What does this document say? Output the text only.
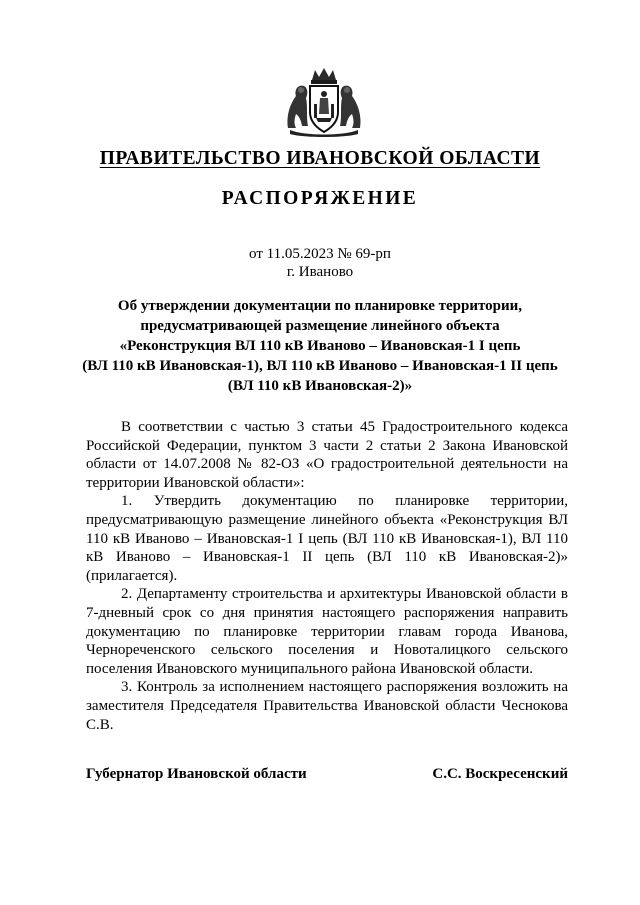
ПРАВИТЕЛЬСТВО ИВАНОВСКОЙ ОБЛАСТИ
РАСПОРЯЖЕНИЕ
от 11.05.2023 № 69-рп
г. Иваново
Об утверждении документации по планировке территории,
предусматривающей размещение линейного объекта
«Реконструкция ВЛ 110 кВ Иваново – Ивановская-1 I цепь
(ВЛ 110 кВ Ивановская-1), ВЛ 110 кВ Иваново – Ивановская-1 II цепь
(ВЛ 110 кВ Ивановская-2)»

В соответствии с частью 3 статьи 45 Градостроительного кодекса Российской Федерации, пунктом 3 части 2 статьи 2 Закона Ивановской области от 14.07.2008 № 82-ОЗ «О градостроительной деятельности на территории Ивановской области»:

1. Утвердить документацию по планировке территории, предусматривающую размещение линейного объекта «Реконструкция ВЛ 110 кВ Иваново – Ивановская-1 I цепь (ВЛ 110 кВ Ивановская-1), ВЛ 110 кВ Иваново – Ивановская-1 II цепь (ВЛ 110 кВ Ивановская-2)» (прилагается).

2. Департаменту строительства и архитектуры Ивановской области в 7-дневный срок со дня принятия настоящего распоряжения направить документацию по планировке территории главам города Иванова, Чернореченского сельского поселения и Новоталицкого сельского поселения Ивановского муниципального района Ивановской области.

3. Контроль за исполнением настоящего распоряжения возложить на заместителя Председателя Правительства Ивановской области Чеснокова С.В.

Губернатор Ивановской области	С.С. Воскресенский
